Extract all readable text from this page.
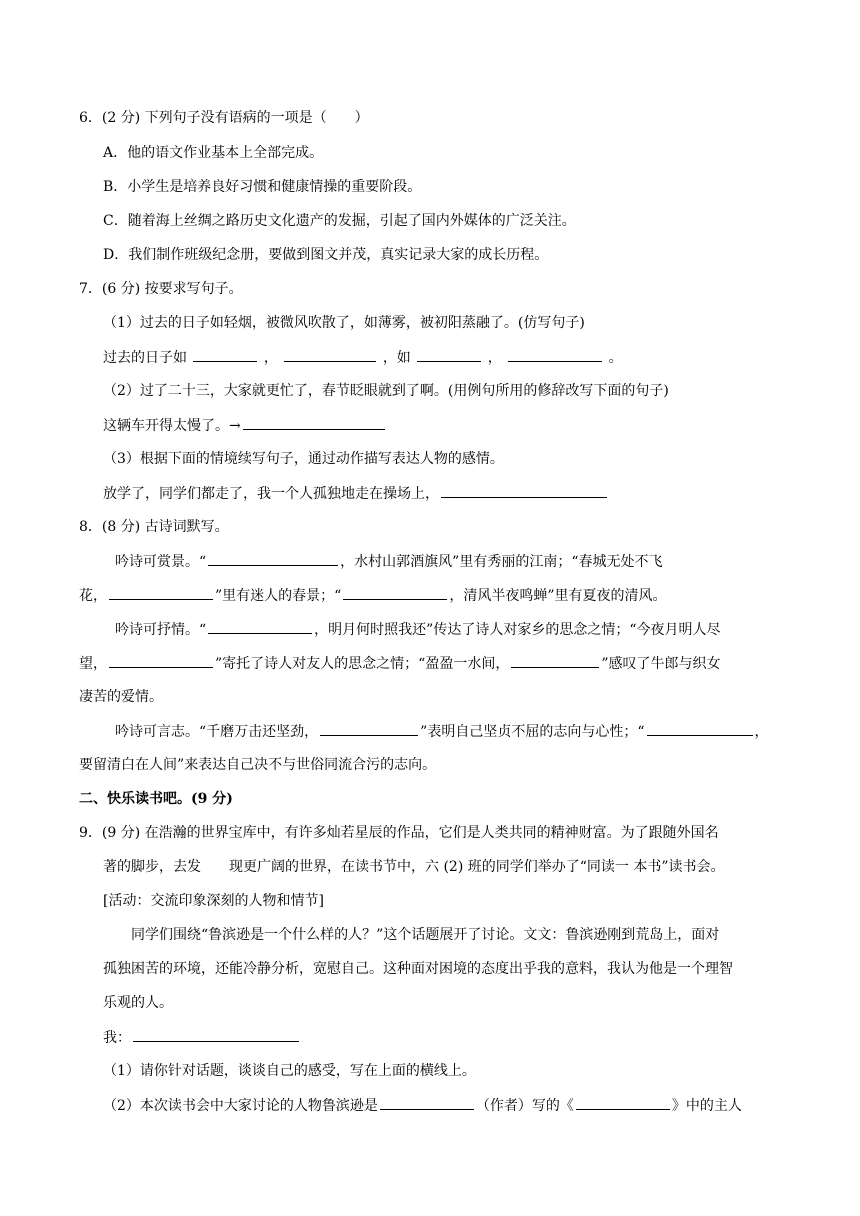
6．(2 分) 下列句子没有语病的一项是（　　）
A．他的语文作业基本上全部完成。
B．小学生是培养良好习惯和健康情操的重要阶段。
C．随着海上丝绸之路历史文化遗产的发掘，引起了国内外媒体的广泛关注。
D．我们制作班级纪念册，要做到图文并茂，真实记录大家的成长历程。
7．(6 分) 按要求写句子。
（1）过去的日子如轻烟，被微风吹散了，如薄雾，被初阳蒸融了。(仿写句子)
过去的日子如	，	，如	，	。
（2）过了二十三，大家就更忙了，春节眨眼就到了啊。(用例句所用的修辞改写下面的句子)
这辆车开得太慢了。→
（3）根据下面的情境续写句子，通过动作描写表达人物的感情。
放学了，同学们都走了，我一个人孤独地走在操场上，
8．(8 分) 古诗词默写。
吟诗可赏景。“	，水村山郭酒旗风”里有秀丽的江南；“春城无处不飞
花，	”里有迷人的春景；“	，清风半夜鸣蝉”里有夏夜的清风。
吟诗可抒情。“	，明月何时照我还”传达了诗人对家乡的思念之情；“今夜月明人尽
望，	”寄托了诗人对友人的思念之情；“盈盈一水间，	”感叹了牛郎与织女
凄苦的爱情。
吟诗可言志。“千磨万击还坚劲，	”表明自己坚贞不屈的志向与心性；“	，
要留清白在人间”来表达自己决不与世俗同流合污的志向。
二、快乐读书吧。(9 分)
9．(9 分) 在浩瀚的世界宝库中，有许多灿若星辰的作品，它们是人类共同的精神财富。为了跟随外国名
著的脚步，去发　　现更广阔的世界，在读书节中，六 (2) 班的同学们举办了“同读一 本书”读书会。
[活动：交流印象深刻的人物和情节]
同学们围绕“鲁滨逊是一个什么样的人？”这个话题展开了讨论。文文：鲁滨逊刚到荒岛上，面对
孤独困苦的环境，还能冷静分析，宽慰自己。这种面对困境的态度出乎我的意料，我认为他是一个理智
乐观的人。
我：
（1）请你针对话题，谈谈自己的感受，写在上面的横线上。
（2）本次读书会中大家讨论的人物鲁滨逊是	（作者）写的《	》中的主人
